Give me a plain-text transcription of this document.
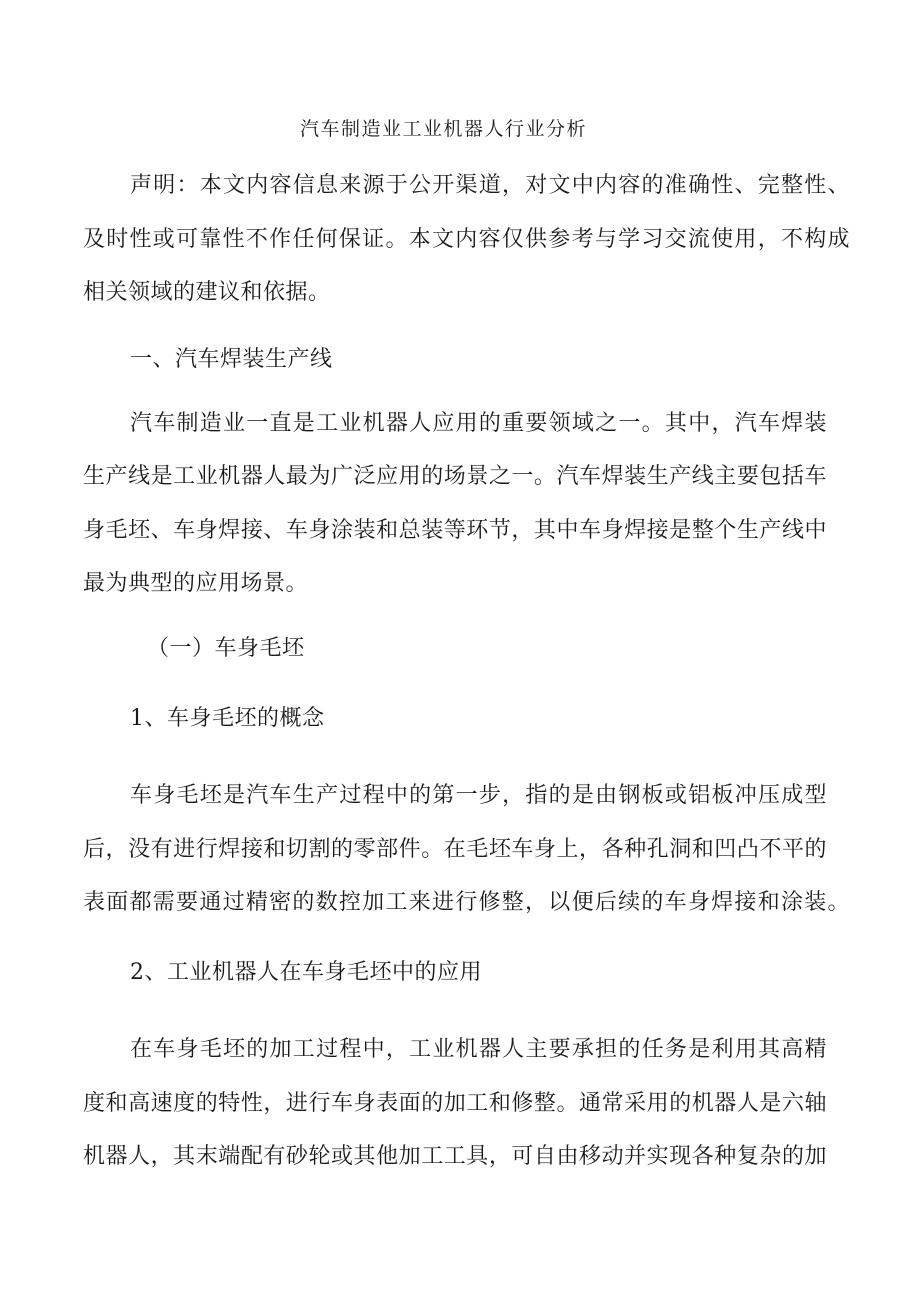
汽车制造业工业机器人行业分析
声明：本文内容信息来源于公开渠道，对文中内容的准确性、完整性、
及时性或可靠性不作任何保证。本文内容仅供参考与学习交流使用，不构成
相关领域的建议和依据。
一、汽车焊装生产线
汽车制造业一直是工业机器人应用的重要领域之一。其中，汽车焊装
生产线是工业机器人最为广泛应用的场景之一。汽车焊装生产线主要包括车
身毛坯、车身焊接、车身涂装和总装等环节，其中车身焊接是整个生产线中
最为典型的应用场景。
（一）车身毛坯
1、车身毛坯的概念
车身毛坯是汽车生产过程中的第一步，指的是由钢板或铝板冲压成型
后，没有进行焊接和切割的零部件。在毛坯车身上，各种孔洞和凹凸不平的
表面都需要通过精密的数控加工来进行修整，以便后续的车身焊接和涂装。
2、工业机器人在车身毛坯中的应用
在车身毛坯的加工过程中，工业机器人主要承担的任务是利用其高精
度和高速度的特性，进行车身表面的加工和修整。通常采用的机器人是六轴
机器人，其末端配有砂轮或其他加工工具，可自由移动并实现各种复杂的加
